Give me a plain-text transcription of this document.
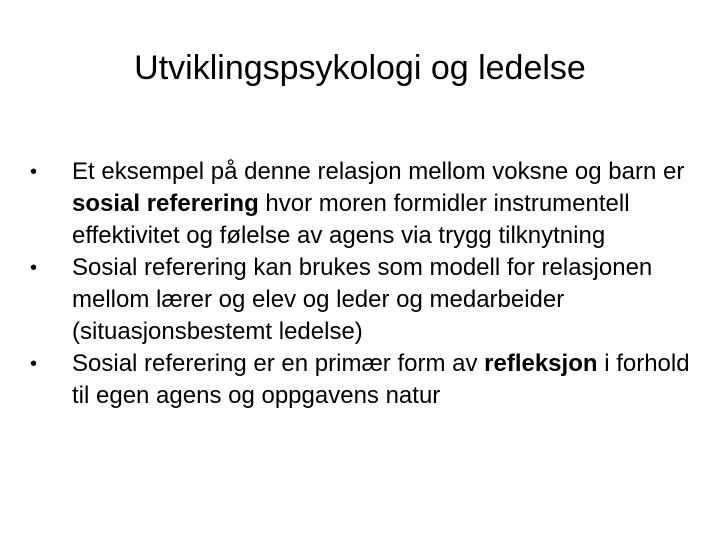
Utviklingspsykologi og ledelse
•	Et eksempel på denne relasjon mellom voksne og barn er sosial referering hvor moren formidler instrumentell effektivitet og følelse av agens via trygg tilknytning
•	Sosial referering kan brukes som modell for relasjonen mellom lærer og elev og leder og medarbeider (situasjonsbestemt ledelse)
•	Sosial referering er en primær form av refleksjon i forhold til egen agens og oppgavens natur
